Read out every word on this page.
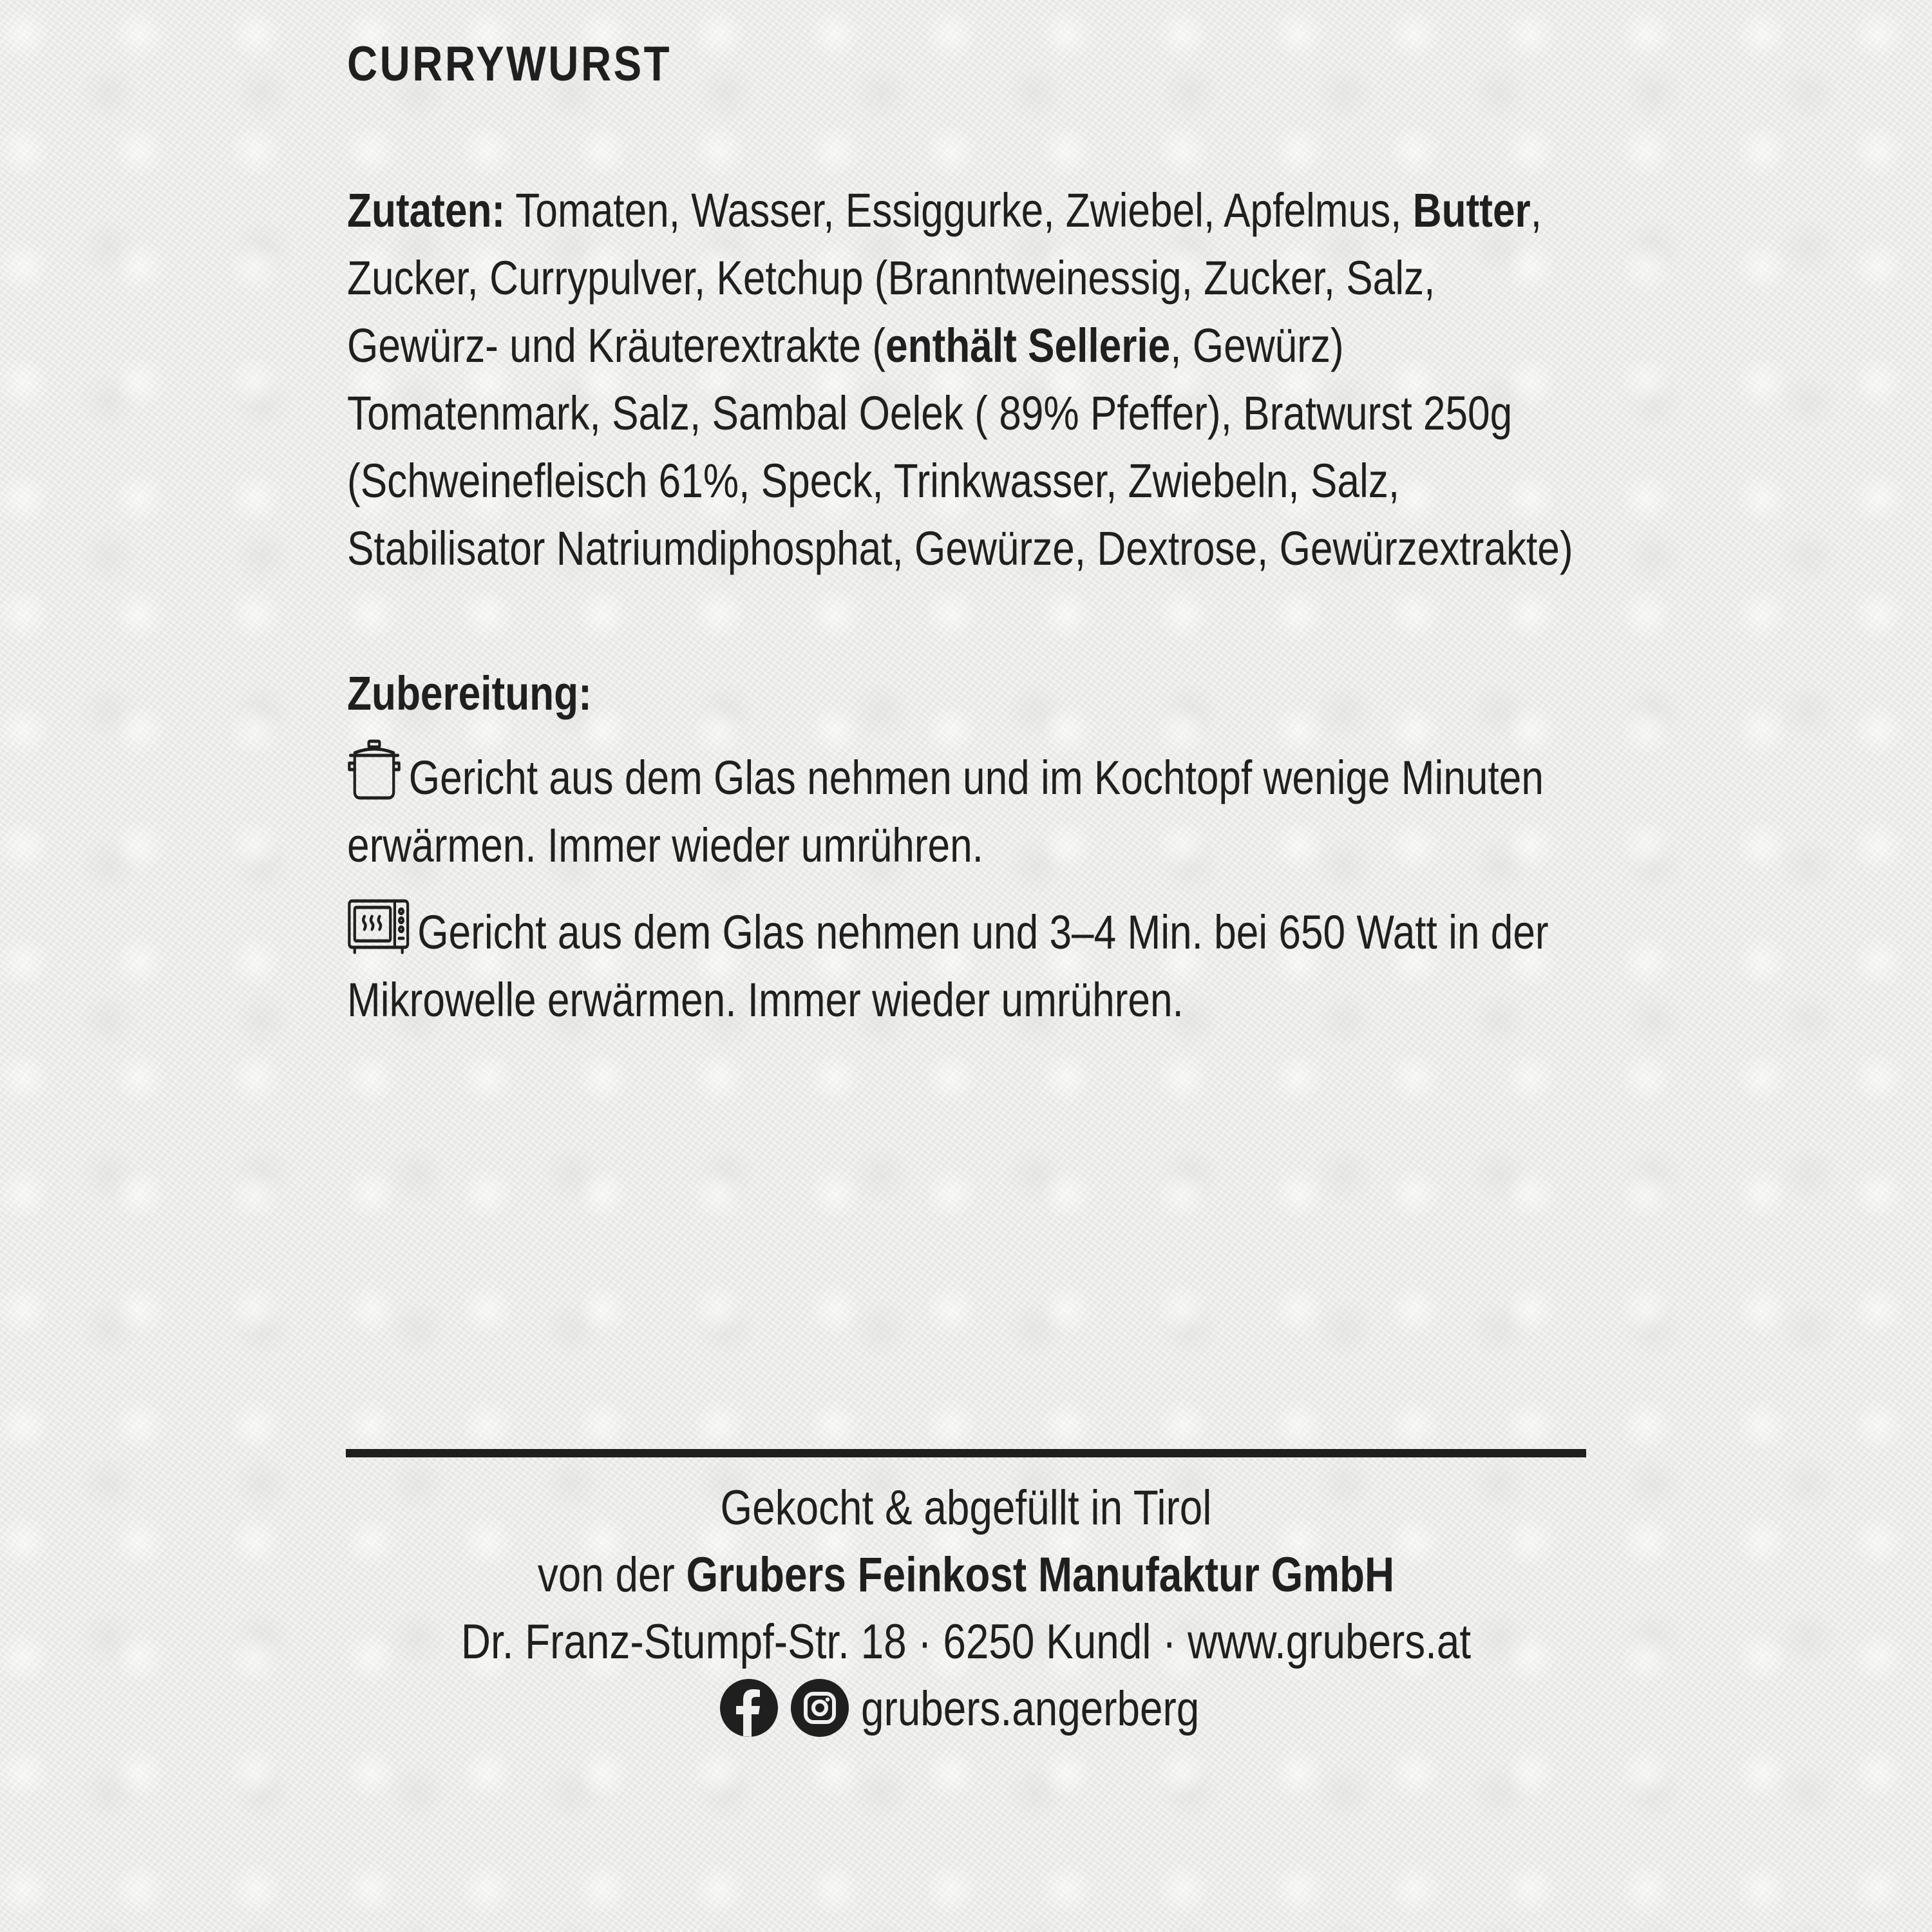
CURRYWURST

Zutaten: Tomaten, Wasser, Essiggurke, Zwiebel, Apfelmus, Butter, Zucker, Currypulver, Ketchup (Branntweinessig, Zucker, Salz, Gewürz- und Kräuterextrakte (enthält Sellerie, Gewürz) Tomatenmark, Salz, Sambal Oelek ( 89% Pfeffer), Bratwurst 250g (Schweinefleisch 61%, Speck, Trinkwasser, Zwiebeln, Salz, Stabilisator Natriumdiphosphat, Gewürze, Dextrose, Gewürzextrakte)

Zubereitung:

Gericht aus dem Glas nehmen und im Kochtopf wenige Minuten erwärmen. Immer wieder umrühren.

Gericht aus dem Glas nehmen und 3–4 Min. bei 650 Watt in der Mikrowelle erwärmen. Immer wieder umrühren.

Gekocht & abgefüllt in Tirol

von der Grubers Feinkost Manufaktur GmbH

Dr. Franz-Stumpf-Str. 18 · 6250 Kundl · www.grubers.at

grubers.angerberg
